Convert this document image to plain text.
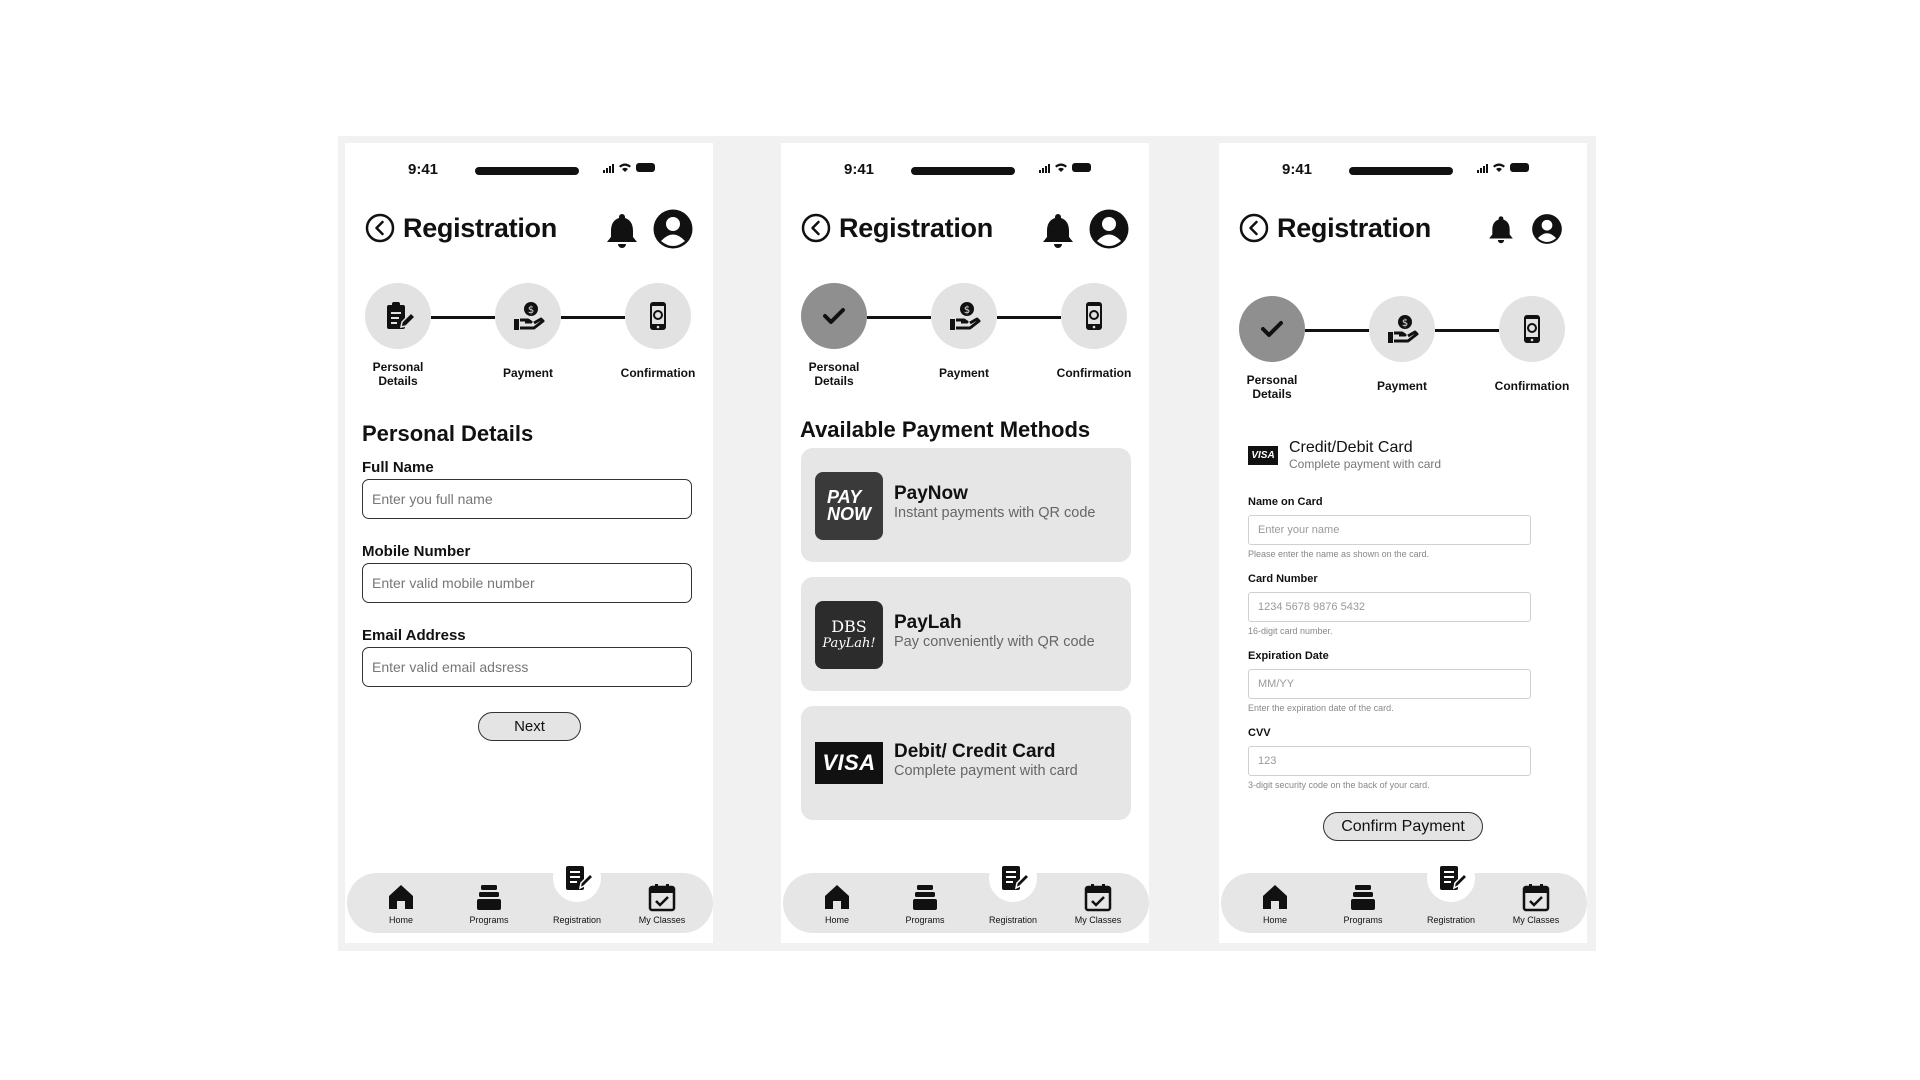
9:41
Registration
$
Personal Details
Payment	Confirmation
Personal Details
Full Name
Enter you full name
Mobile Number
Enter valid mobile number
Email Address
Enter valid email adsress
Next
Home	Programs	Registration	My Classes
9:41
Registration
$
Personal Details
Payment	Confirmation
Available Payment Methods
PAY
NOW
PayNow
Instant payments with QR code
DBS
PayLah!
PayLah
Pay conveniently with QR code
VISA Debit/ Credit Card
Complete payment with card
Home	Programs	Registration	My Classes
9:41
Registration
$
Personal Details
Payment	Confirmation
VISA Credit/Debit Card
Complete payment with card
Name on Card
Enter your name
Please enter the name as shown on the card.
Card Number
1234 5678 9876 5432
16-digit card number.
Expiration Date
MM/YY
Enter the expiration date of the card.
CVV
123
3-digit security code on the back of your card.
Confirm Payment
Home	Programs	Registration	My Classes
